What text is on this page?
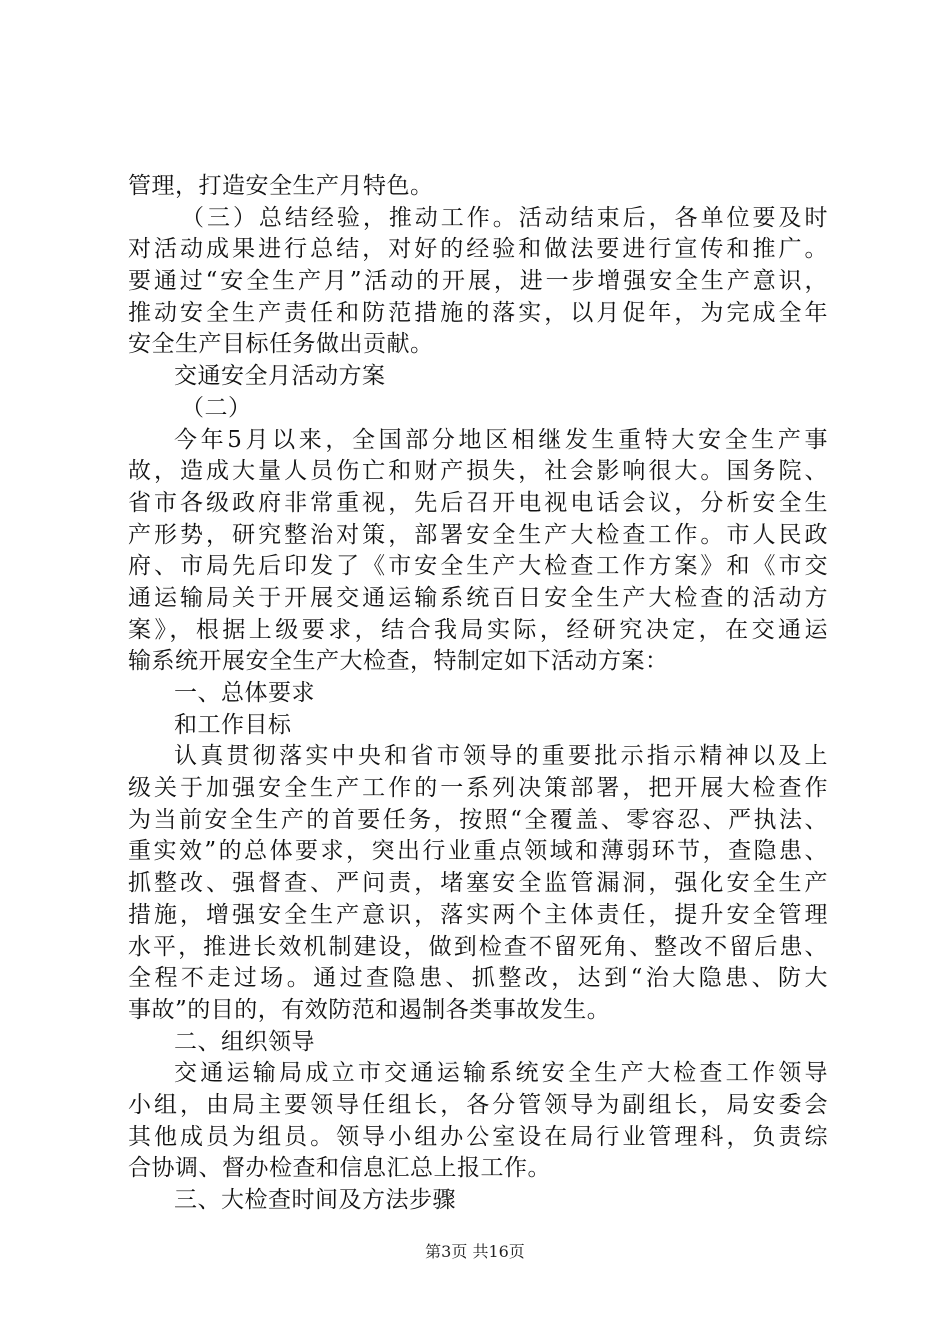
管理，打造安全生产月特色。
（三）总结经验，推动工作。活动结束后，各单位要及时
对活动成果进行总结，对好的经验和做法要进行宣传和推广。
要通过“安全生产月”活动的开展，进一步增强安全生产意识，
推动安全生产责任和防范措施的落实，以月促年，为完成全年
安全生产目标任务做出贡献。
交通安全月活动方案
（二）
今年5月以来，全国部分地区相继发生重特大安全生产事
故，造成大量人员伤亡和财产损失，社会影响很大。国务院、
省市各级政府非常重视，先后召开电视电话会议，分析安全生
产形势，研究整治对策，部署安全生产大检查工作。市人民政
府、市局先后印发了《市安全生产大检查工作方案》和《市交
通运输局关于开展交通运输系统百日安全生产大检查的活动方
案》，根据上级要求，结合我局实际，经研究决定，在交通运
输系统开展安全生产大检查，特制定如下活动方案：
一、总体要求
和工作目标
认真贯彻落实中央和省市领导的重要批示指示精神以及上
级关于加强安全生产工作的一系列决策部署，把开展大检查作
为当前安全生产的首要任务，按照“全覆盖、零容忍、严执法、
重实效”的总体要求，突出行业重点领域和薄弱环节，查隐患、
抓整改、强督查、严问责，堵塞安全监管漏洞，强化安全生产
措施，增强安全生产意识，落实两个主体责任，提升安全管理
水平，推进长效机制建设，做到检查不留死角、整改不留后患、
全程不走过场。通过查隐患、抓整改，达到“治大隐患、防大
事故”的目的，有效防范和遏制各类事故发生。
二、组织领导
交通运输局成立市交通运输系统安全生产大检查工作领导
小组，由局主要领导任组长，各分管领导为副组长，局安委会
其他成员为组员。领导小组办公室设在局行业管理科，负责综
合协调、督办检查和信息汇总上报工作。
三、大检查时间及方法步骤
第3页 共16页
